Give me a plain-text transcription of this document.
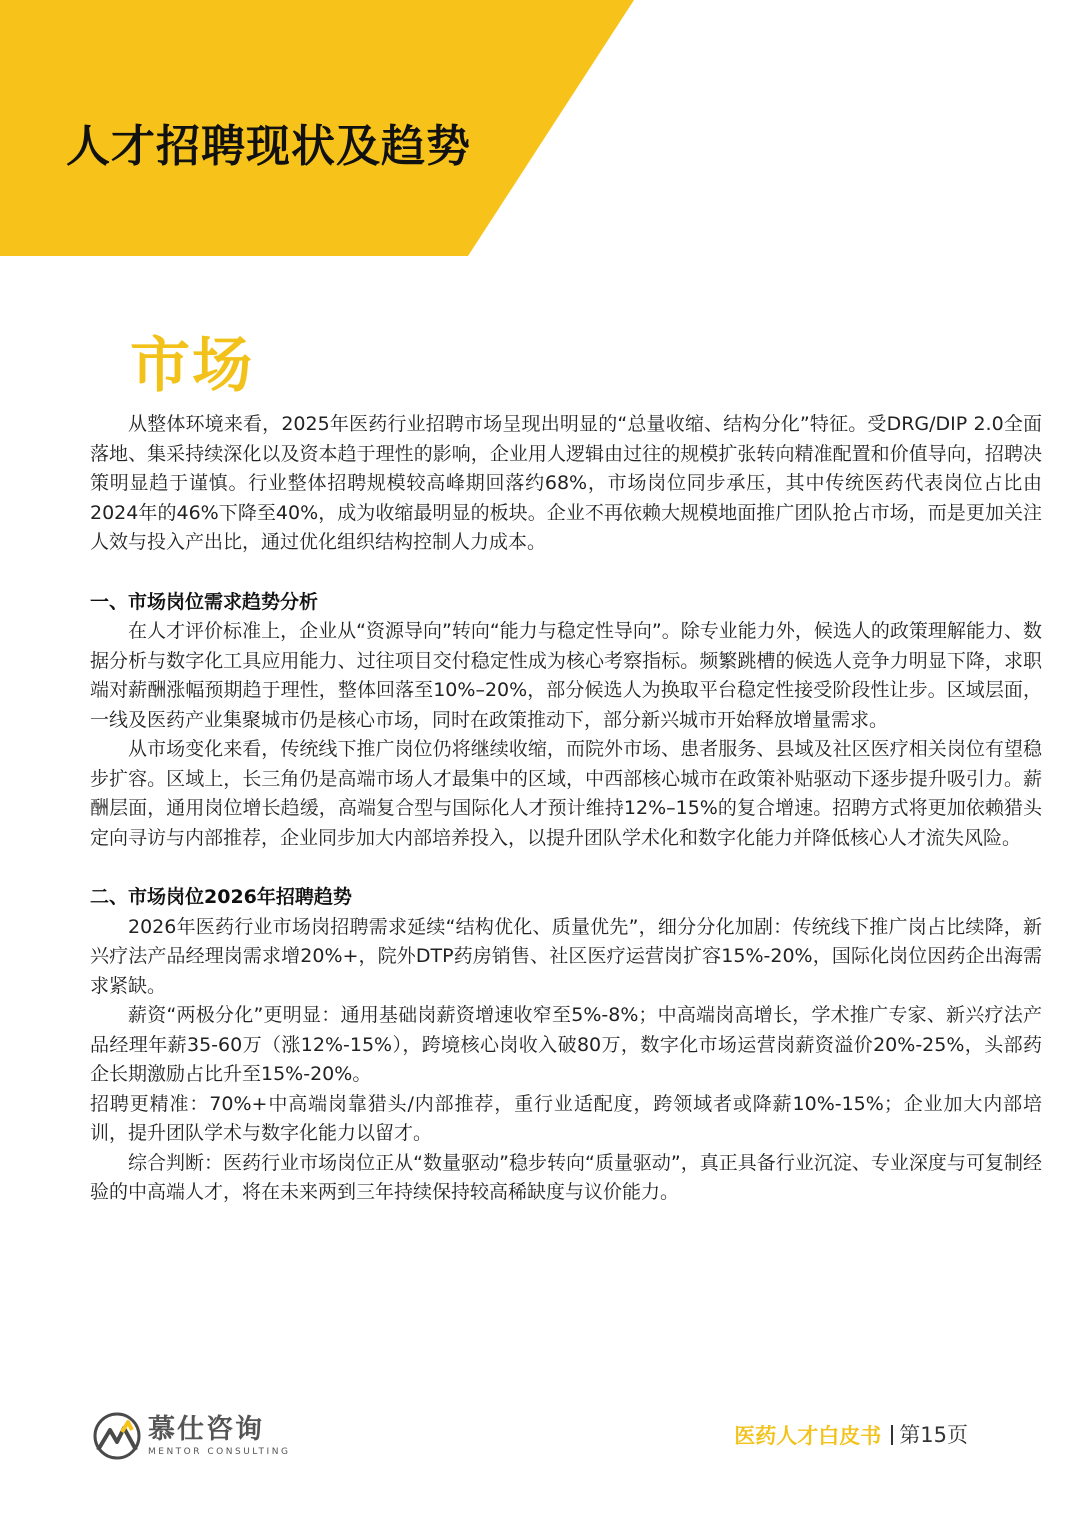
人才招聘现状及趋势
市场

从整体环境来看，2025年医药行业招聘市场呈现出明显的“总量收缩、结构分化”特征。受DRG/DIP 2.0全面落地、集采持续深化以及资本趋于理性的影响，企业用人逻辑由过往的规模扩张转向精准配置和价值导向，招聘决策明显趋于谨慎。行业整体招聘规模较高峰期回落约68%，市场岗位同步承压，其中传统医药代表岗位占比由2024年的46%下降至40%，成为收缩最明显的板块。企业不再依赖大规模地面推广团队抢占市场，而是更加关注人效与投入产出比，通过优化组织结构控制人力成本。

一、市场岗位需求趋势分析

在人才评价标准上，企业从“资源导向”转向“能力与稳定性导向”。除专业能力外，候选人的政策理解能力、数据分析与数字化工具应用能力、过往项目交付稳定性成为核心考察指标。频繁跳槽的候选人竞争力明显下降，求职端对薪酬涨幅预期趋于理性，整体回落至10%–20%，部分候选人为换取平台稳定性接受阶段性让步。区域层面，一线及医药产业集聚城市仍是核心市场，同时在政策推动下，部分新兴城市开始释放增量需求。

从市场变化来看，传统线下推广岗位仍将继续收缩，而院外市场、患者服务、县域及社区医疗相关岗位有望稳步扩容。区域上，长三角仍是高端市场人才最集中的区域，中西部核心城市在政策补贴驱动下逐步提升吸引力。薪酬层面，通用岗位增长趋缓，高端复合型与国际化人才预计维持12%–15%的复合增速。招聘方式将更加依赖猎头定向寻访与内部推荐，企业同步加大内部培养投入，以提升团队学术化和数字化能力并降低核心人才流失风险。

二、市场岗位2026年招聘趋势

2026年医药行业市场岗招聘需求延续“结构优化、质量优先”，细分分化加剧：传统线下推广岗占比续降，新兴疗法产品经理岗需求增20%+，院外DTP药房销售、社区医疗运营岗扩容15%-20%，国际化岗位因药企出海需求紧缺。

薪资“两极分化”更明显：通用基础岗薪资增速收窄至5%-8%；中高端岗高增长，学术推广专家、新兴疗法产品经理年薪35-60万（涨12%-15%），跨境核心岗收入破80万，数字化市场运营岗薪资溢价20%-25%，头部药企长期激励占比升至15%-20%。

招聘更精准：70%+中高端岗靠猎头/内部推荐，重行业适配度，跨领域者或降薪10%-15%；企业加大内部培训，提升团队学术与数字化能力以留才。

综合判断：医药行业市场岗位正从“数量驱动”稳步转向“质量驱动”，真正具备行业沉淀、专业深度与可复制经验的中高端人才，将在未来两到三年持续保持较高稀缺度与议价能力。

慕仕咨询
MENTOR CONSULTING
医药人才白皮书 第15页
